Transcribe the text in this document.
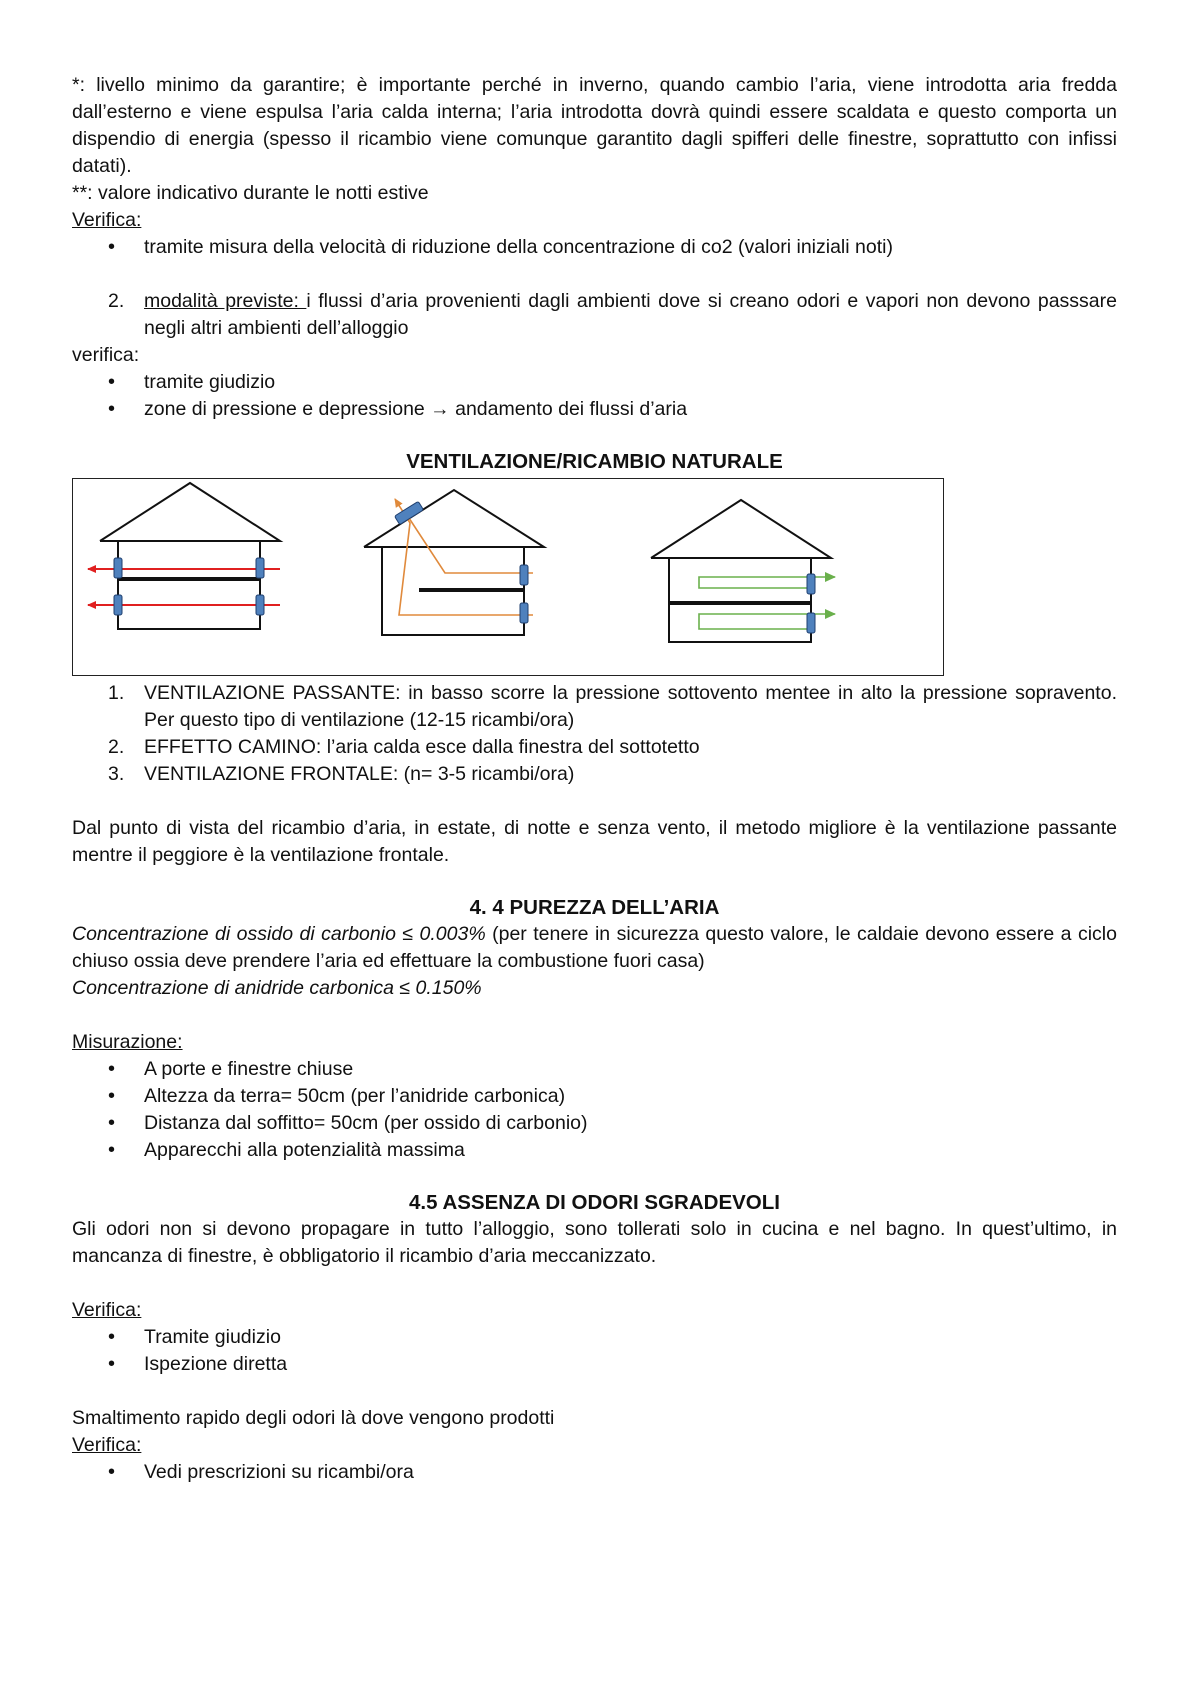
*: livello minimo da garantire; è importante perché in inverno, quando cambio l’aria, viene introdotta aria fredda dall’esterno e viene espulsa l’aria calda interna; l’aria introdotta dovrà quindi essere scaldata e questo comporta un dispendio di energia (spesso il ricambio viene comunque garantito dagli spifferi delle finestre, soprattutto con infissi datati).

**: valore indicativo durante le notti estive

Verifica:
• tramite misura della velocità di riduzione della concentrazione di co2 (valori iniziali noti)
2. modalità previste: i flussi d’aria provenienti dagli ambienti dove si creano odori e vapori non devono passsare negli altri ambienti dell’alloggio
verifica:
• tramite giudizio
• zone di pressione e depressione → andamento dei flussi d’aria
VENTILAZIONE/RICAMBIO NATURALE
1. VENTILAZIONE PASSANTE: in basso scorre la pressione sottovento mentee in alto la pressione sopravento. Per questo tipo di ventilazione (12-15 ricambi/ora)
2. EFFETTO CAMINO: l’aria calda esce dalla finestra del sottotetto
3. VENTILAZIONE FRONTALE: (n= 3-5 ricambi/ora)

Dal punto di vista del ricambio d’aria, in estate, di notte e senza vento, il metodo migliore è la ventilazione passante mentre il peggiore è la ventilazione frontale.

4. 4 PUREZZA DELL’ARIA

Concentrazione di ossido di carbonio ≤ 0.003% (per tenere in sicurezza questo valore, le caldaie devono essere a ciclo chiuso ossia deve prendere l’aria ed effettuare la combustione fuori casa)

Concentrazione di anidride carbonica ≤ 0.150%

Misurazione:
• A porte e finestre chiuse
• Altezza da terra= 50cm (per l’anidride carbonica)
• Distanza dal soffitto= 50cm (per ossido di carbonio)
• Apparecchi alla potenzialità massima
4.5 ASSENZA DI ODORI SGRADEVOLI

Gli odori non si devono propagare in tutto l’alloggio, sono tollerati solo in cucina e nel bagno. In quest’ultimo, in mancanza di finestre, è obbligatorio il ricambio d’aria meccanizzato.

Verifica:
• Tramite giudizio
• Ispezione diretta

Smaltimento rapido degli odori là dove vengono prodotti

Verifica:
• Vedi prescrizioni su ricambi/ora
